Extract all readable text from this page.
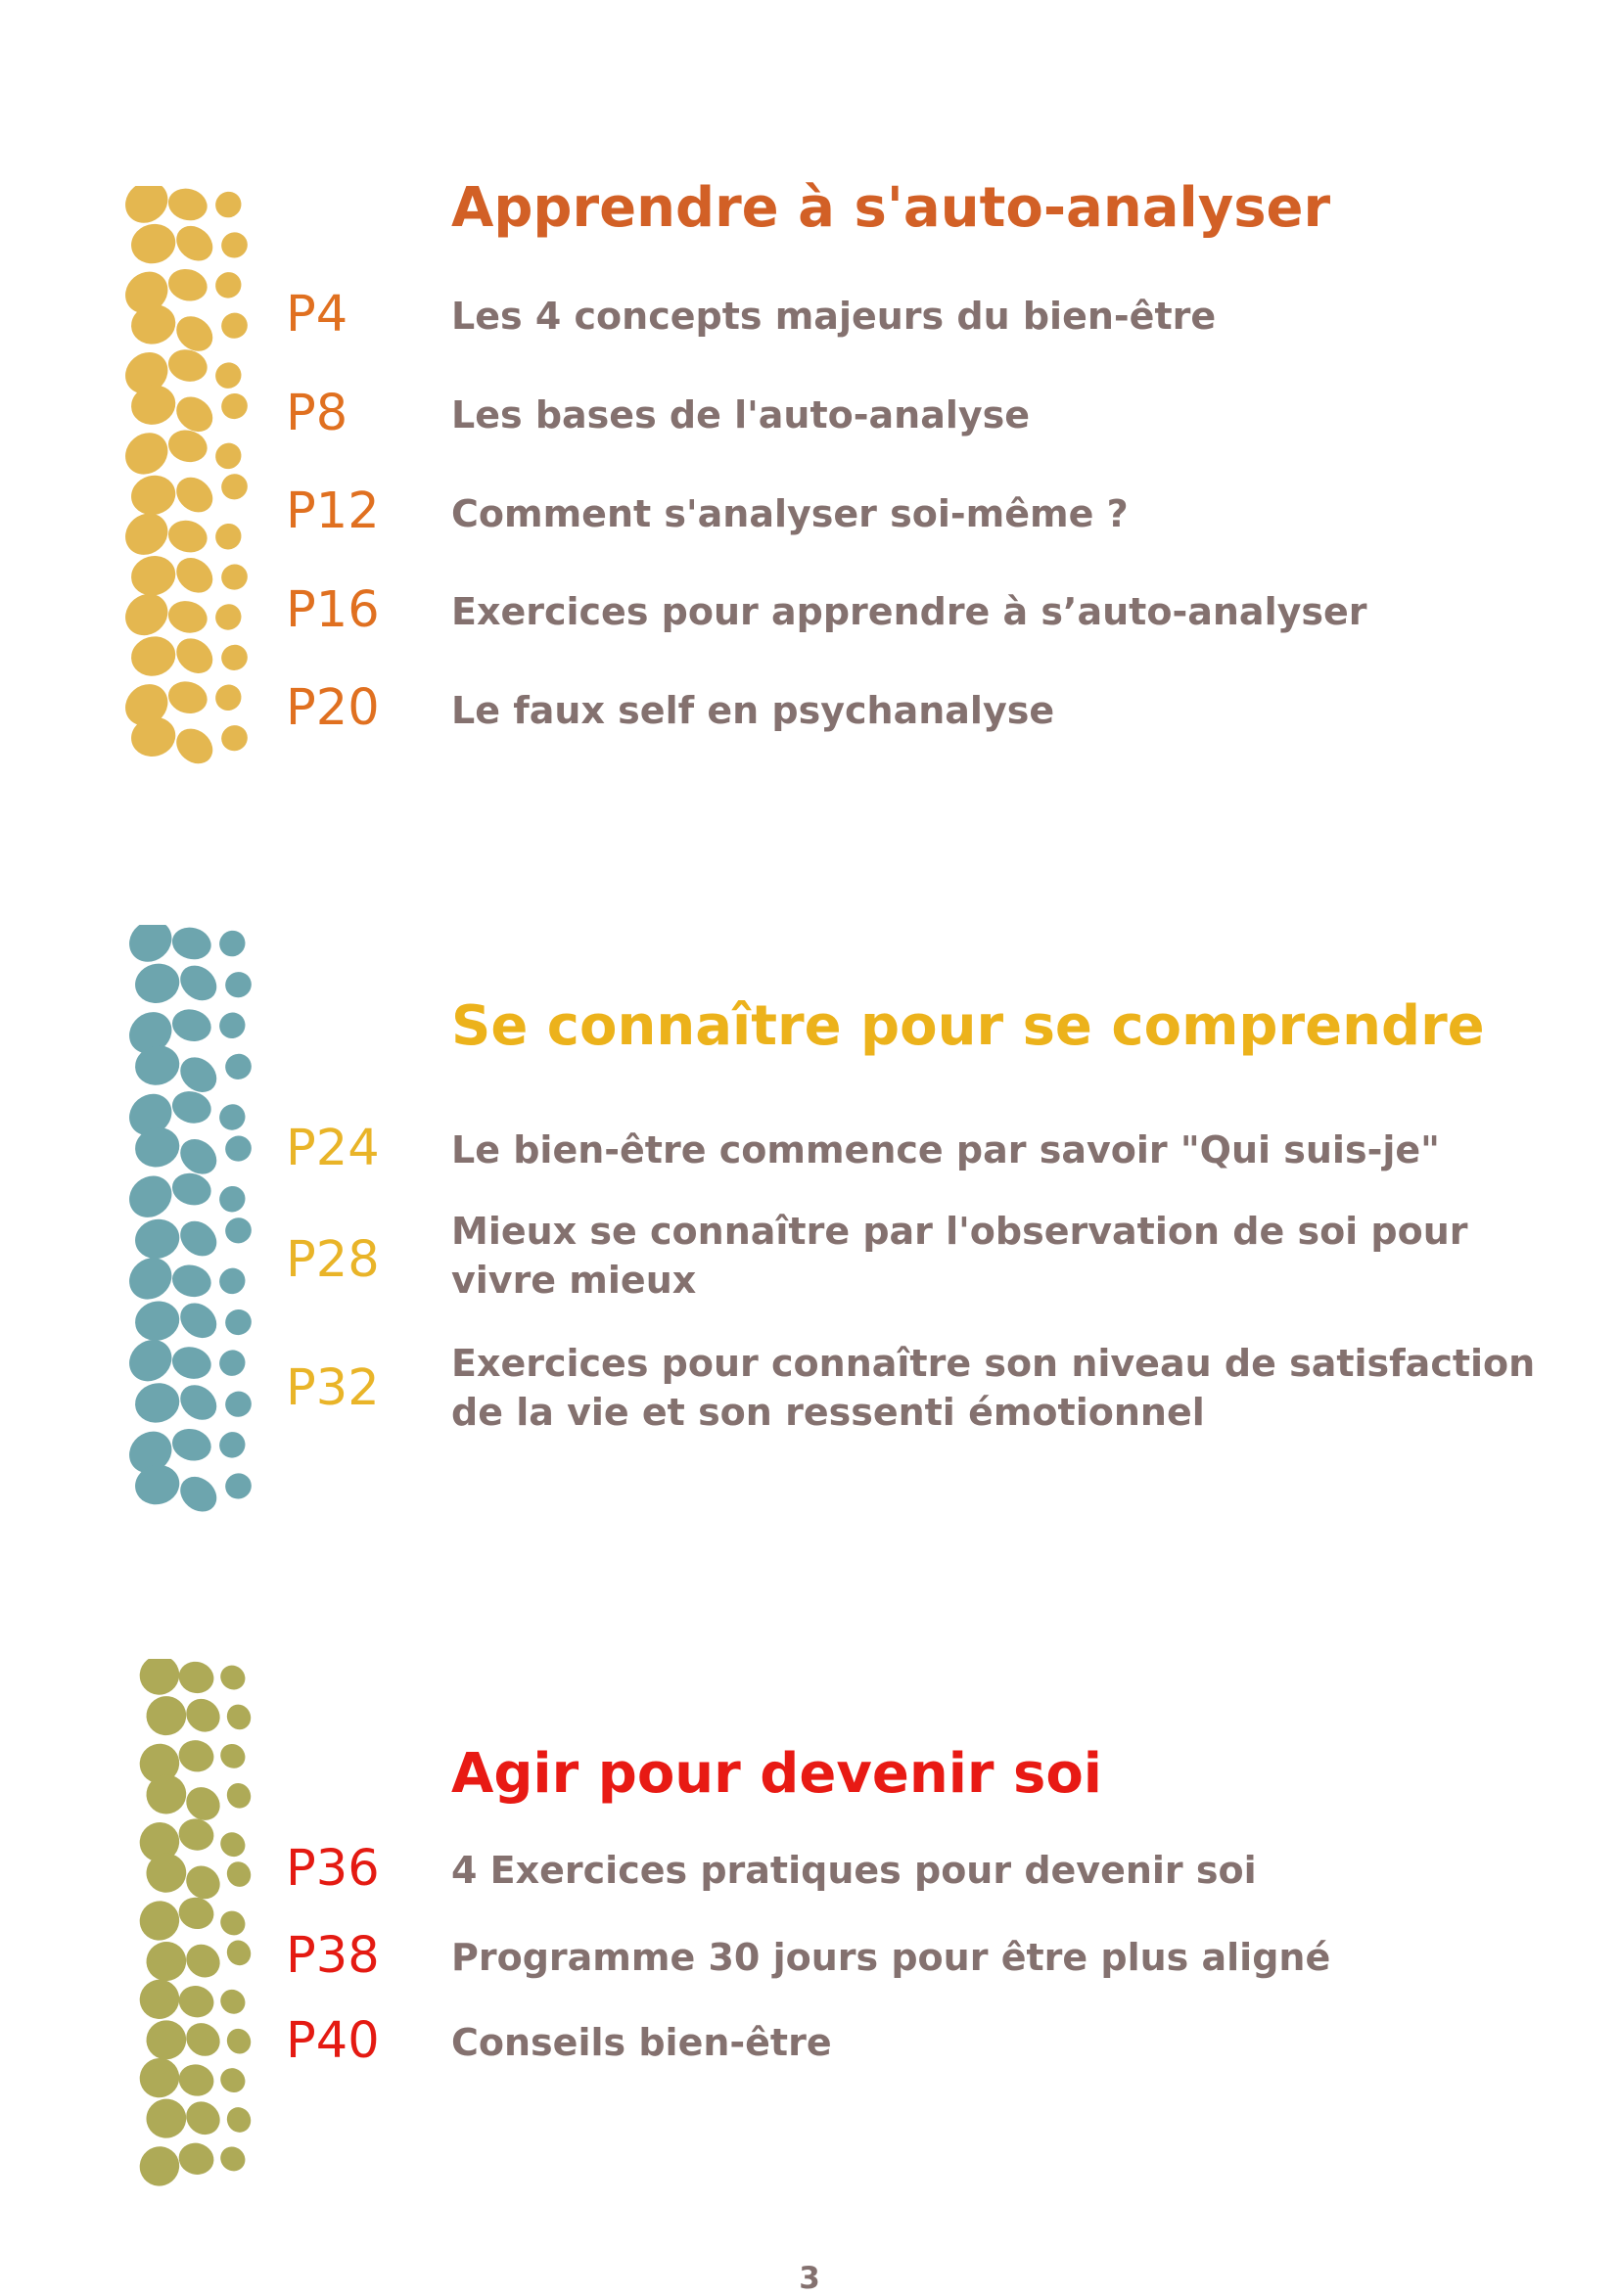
Apprendre à s'auto-analyser
P4	Les 4 concepts majeurs du bien-être
P8	Les bases de l'auto-analyse
P12 Comment s'analyser soi-même ?
P16 Exercices pour apprendre à s’auto-analyser
P20 Le faux self en psychanalyse
Se connaître pour se comprendre
P24 Le bien-être commence par savoir "Qui suis-je"
P28 Mieux se connaître par l'observation de soi pour vivre mieux
P32 Exercices pour connaître son niveau de satisfaction de la vie et son ressenti émotionnel
Agir pour devenir soi
P36 4 Exercices pratiques pour devenir soi
P38 Programme 30 jours pour être plus aligné
P40 Conseils bien-être
3
